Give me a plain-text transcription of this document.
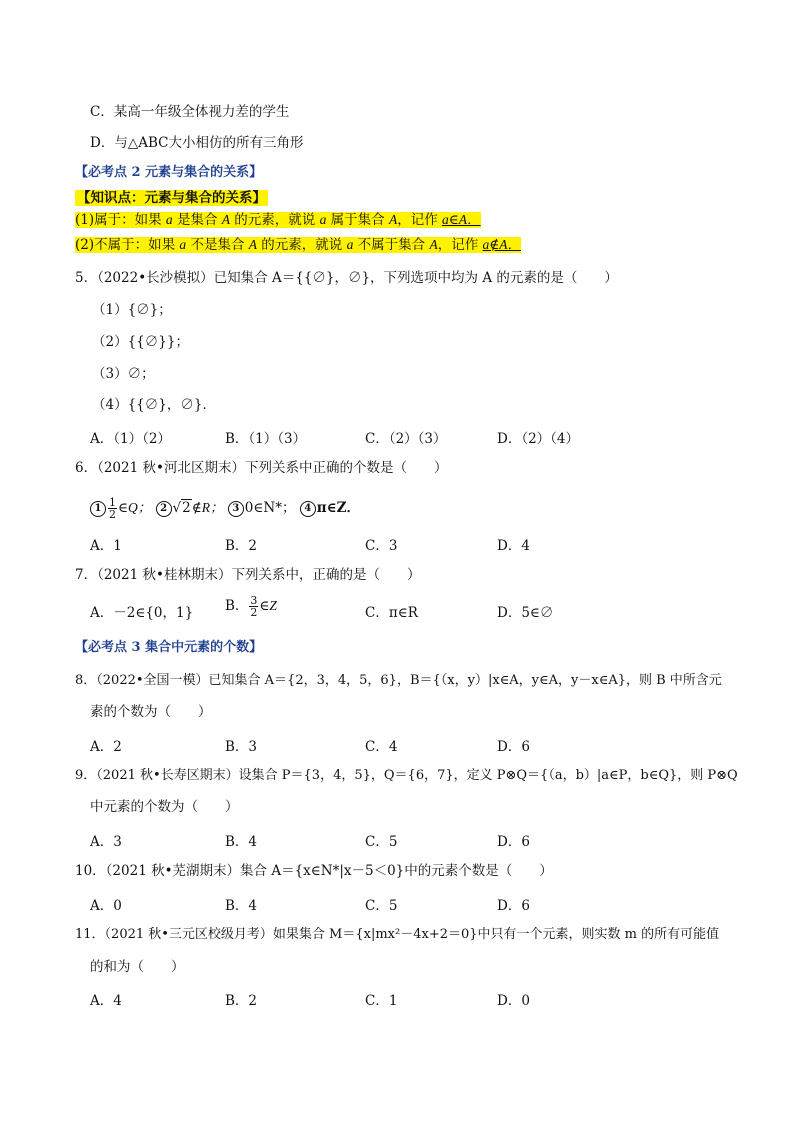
C．某高一年级全体视力差的学生
D．与△ABC大小相仿的所有三角形
【必考点 2 元素与集合的关系】
【知识点：元素与集合的关系】
(1)属于：如果 a 是集合 A 的元素，就说 a 属于集合 A，记作 a∈A．
(2)不属于：如果 a 不是集合 A 的元素，就说 a 不属于集合 A，记作 a∉A．
5．（2022•长沙模拟）已知集合 A＝{{∅}，∅}，下列选项中均为 A 的元素的是（　　）
（1）{∅}；
（2）{{∅}}；
（3）∅；
（4）{{∅}，∅}．
A．（1）（2）	B．（1）（3）	C．（2）（3）	D．（2）（4）
6．（2021 秋•河北区期末）下列关系中正确的个数是（　　）
$1 \frac{1}{2}$ ∈Q； 2 √2∉R； 3 0∈N*； 4 π∈Z．
A．1	B．2	C．3	D．4
7．（2021 秋•桂林期末）下列关系中，正确的是（　　）
A．－2∈{0，1} B． $\frac{3}{2}$ ∈Z	C．π∈R	D．5∈∅
【必考点 3 集合中元素的个数】
8．（2022•全国一模）已知集合 A＝{2，3，4，5，6}，B＝{（x，y）|x∈A，y∈A，y－x∈A}，则 B 中所含元
素的个数为（　　）
A．2	B．3	C．4	D．6
9．（2021 秋•长寿区期末）设集合 P＝{3，4，5}，Q＝{6，7}，定义 P⊗Q＝{（a，b）|a∈P，b∈Q}，则 P⊗Q
中元素的个数为（　　）
A．3	B．4	C．5	D．6
10．（2021 秋•芜湖期末）集合 A＝{x∈N*|x－5＜0}中的元素个数是（　　）
A．0	B．4	C．5	D．6
11．（2021 秋•三元区校级月考）如果集合 M＝{x|mx²－4x+2＝0}中只有一个元素，则实数 m 的所有可能值
的和为（　　）
A．4	B．2	C．1	D．0
